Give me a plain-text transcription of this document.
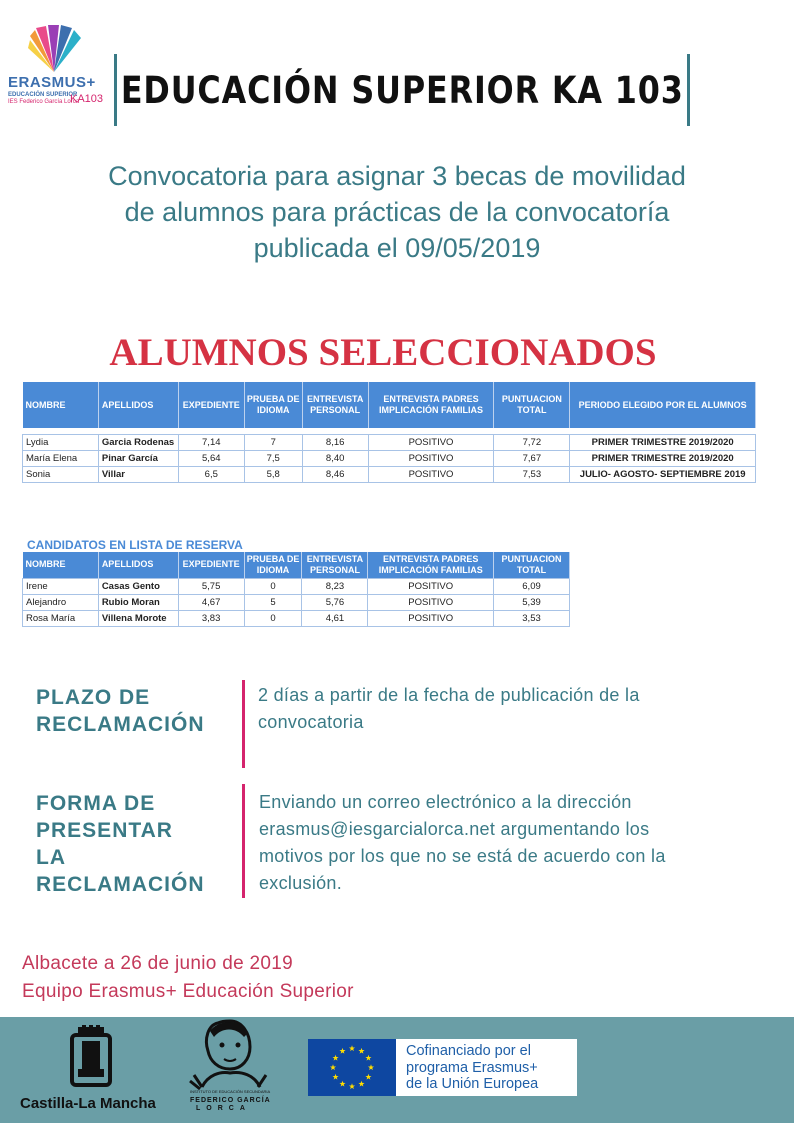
ERASMUS+
EDUCACIÓN SUPERIOR
IES Federico García Lorca
KA103 EDUCACIÓN SUPERIOR KA 103
Convocatoria para asignar 3 becas de movilidad
de alumnos para prácticas de la convocatoría
publicada el 09/05/2019
ALUMNOS SELECCIONADOS
NOMBRE	APELLIDOS	EXPEDIENTE	PRUEBA DE IDIOMA	ENTREVISTA PERSONAL	ENTREVISTA PADRES IMPLICACIÓN FAMILIAS	PUNTUACION TOTAL	PERIODO ELEGIDO POR EL ALUMNOS

Lydia	Garcia Rodenas	7,14	7	8,16	POSITIVO	7,72	PRIMER TRIMESTRE 2019/2020
María Elena	Pinar García	5,64	7,5	8,40	POSITIVO	7,67	PRIMER TRIMESTRE 2019/2020
Sonia	Villar	6,5	5,8	8,46	POSITIVO	7,53	JULIO- AGOSTO- SEPTIEMBRE 2019
CANDIDATOS EN LISTA DE RESERVA
NOMBRE	APELLIDOS	EXPEDIENTE	PRUEBA DE IDIOMA	ENTREVISTA PERSONAL	ENTREVISTA PADRES IMPLICACIÓN FAMILIAS	PUNTUACION TOTAL
Irene	Casas Gento	5,75	0	8,23	POSITIVO	6,09
Alejandro	Rubio Moran	4,67	5	5,76	POSITIVO	5,39
Rosa María	Villena Morote	3,83	0	4,61	POSITIVO	3,53
PLAZO DE
RECLAMACIÓN
2 días a partir de la fecha de publicación de la
convocatoria
FORMA DE
PRESENTAR
LA
RECLAMACIÓN
Enviando un correo electrónico a la dirección
erasmus@iesgarcialorca.net argumentando los
motivos por los que no se está de acuerdo con la
exclusión.
Albacete a 26 de junio de 2019
Equipo Erasmus+ Educación Superior
Castilla-La Mancha
INSTITUTO DE EDUCACIÓN SECUNDARIA
FEDERICO GARCÍA
LORCA
Cofinanciado por el
programa Erasmus+
de la Unión Europea
